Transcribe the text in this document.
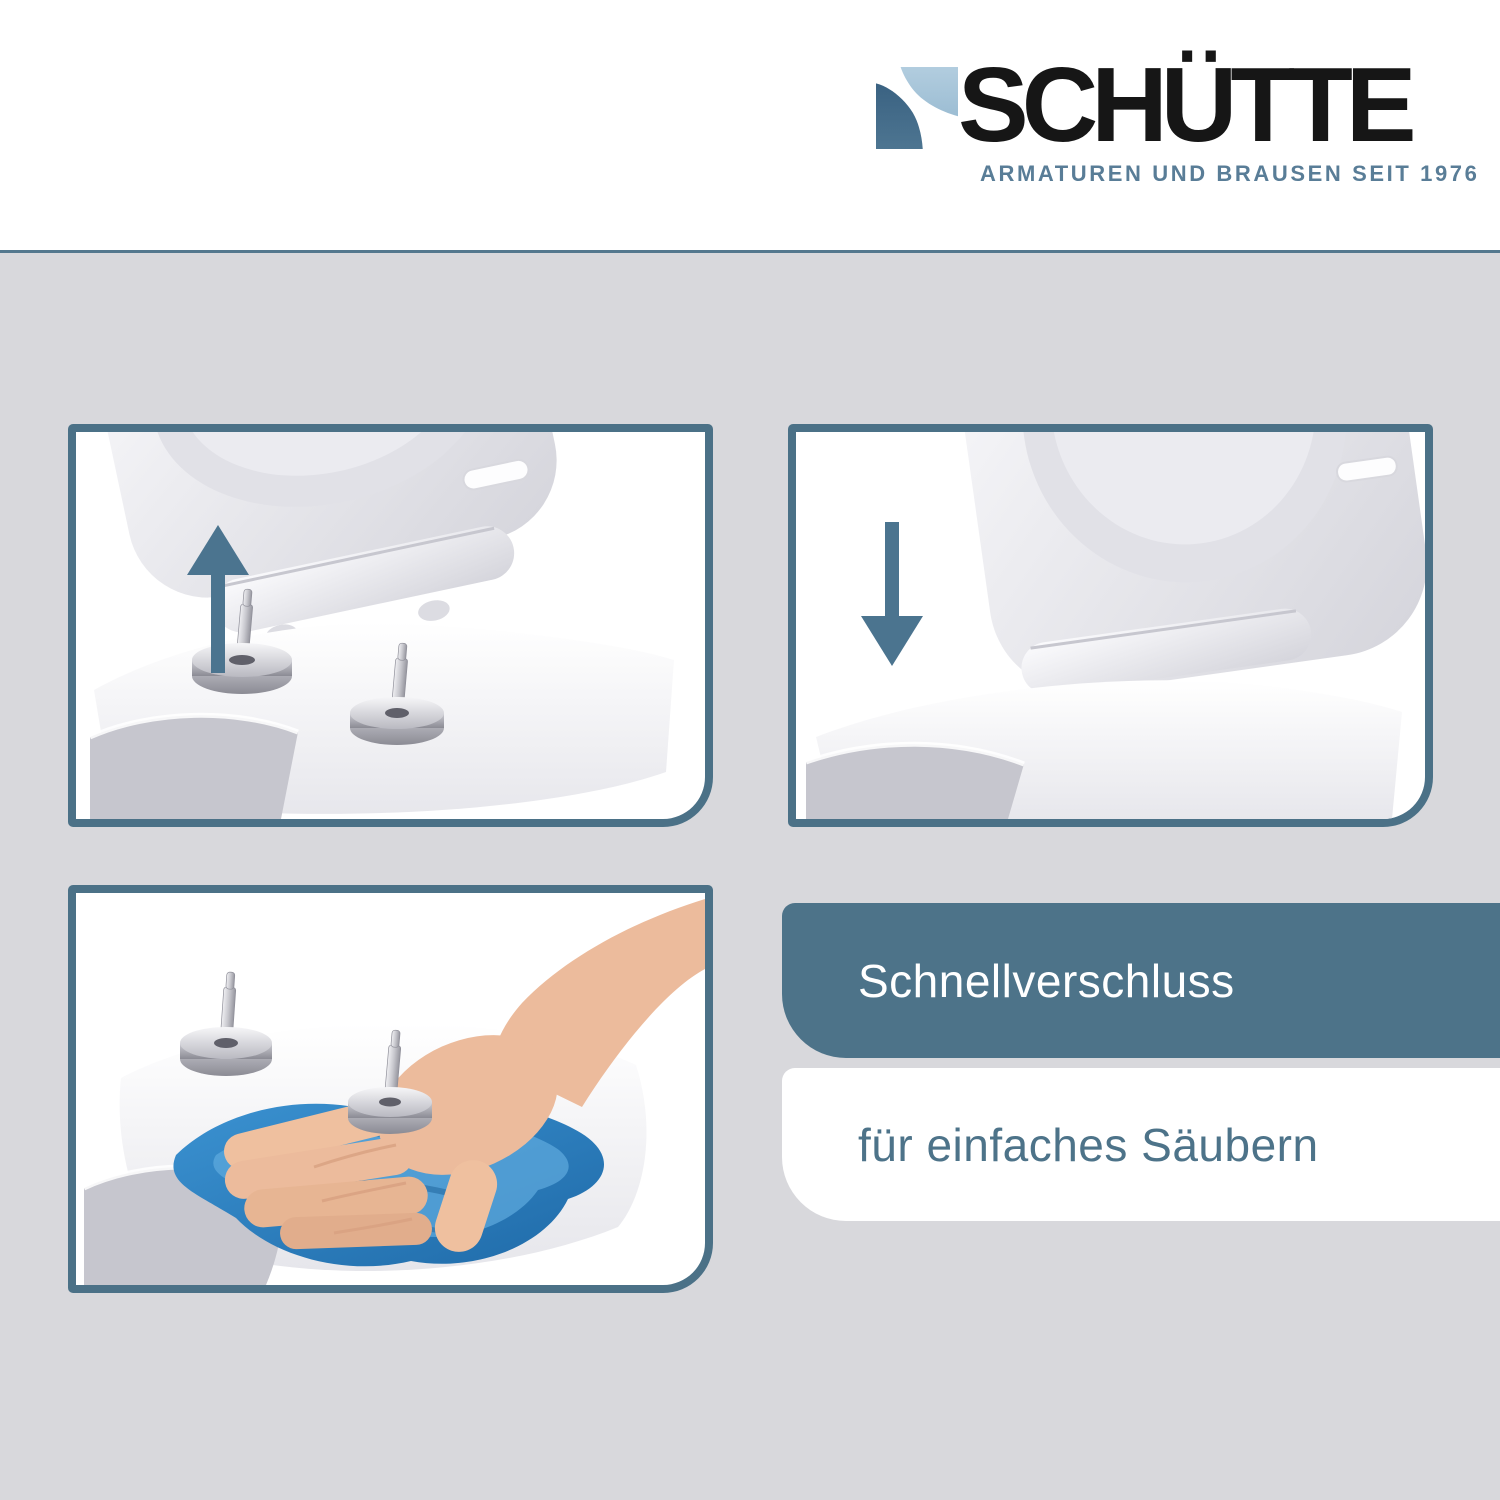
SCHÜTTE
ARMATUREN UND BRAUSEN SEIT 1976
Schnellverschluss
für einfaches Säubern
